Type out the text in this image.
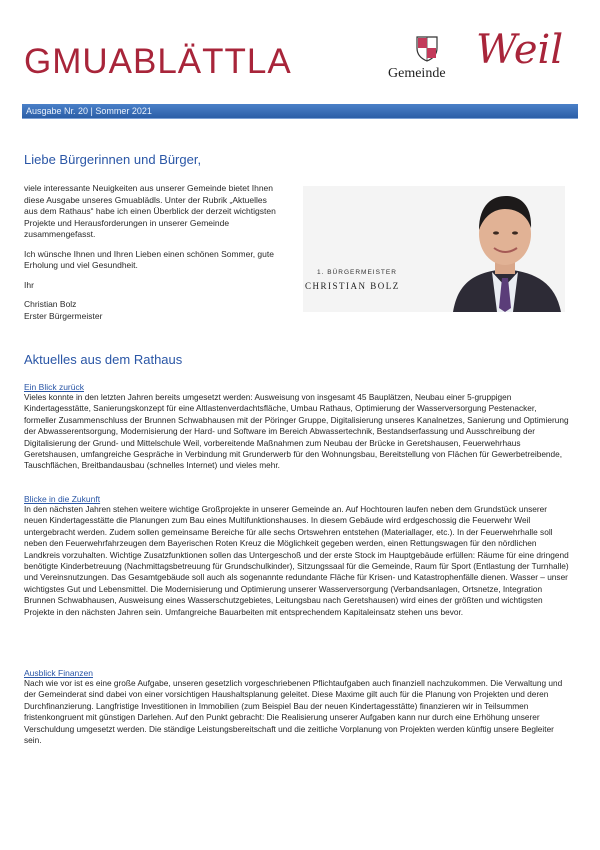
GMUABLÄTTLA	Gemeinde
Weil
Ausgabe Nr. 20 | Sommer 2021
Liebe Bürgerinnen und Bürger,

viele interessante Neuigkeiten aus unserer Gemeinde bietet Ihnen diese Ausgabe unseres Gmuablädls. Unter der Rubrik „Aktuelles aus dem Rathaus“ habe ich einen Überblick der derzeit wichtigsten Projekte und Herausforderungen in unserer Gemeinde zusammengefasst.

Ich wünsche Ihnen und Ihren Lieben einen schönen Sommer, gute Erholung und viel Gesundheit.

Ihr

Christian Bolz

Erster Bürgermeister

1. BÜRGERMEISTER
CHRISTIAN BOLZ
Aktuelles aus dem Rathaus

Ein Blick zurück

Vieles konnte in den letzten Jahren bereits umgesetzt werden: Ausweisung von insgesamt 45 Bauplätzen, Neubau einer 5-gruppigen Kindertagesstätte, Sanierungskonzept für eine Altlastenverdachtsfläche, Umbau Rathaus, Optimierung der Wasserversorgung Pestenacker, formeller Zusammenschluss der Brunnen Schwabhausen mit der Pöringer Gruppe, Digitalisierung unseres Kanalnetzes, Sanierung und Optimierung der Abwasserentsorgung, Modernisierung der Hard- und Software im Bereich Abwassertechnik, Bestandserfassung und Ausschreibung der Digitalisierung der Grund- und Mittelschule Weil, vorbereitende Maßnahmen zum Neubau der Brücke in Geretshausen, Feuerwehrhaus Geretshausen, umfangreiche Gespräche in Verbindung mit Grunderwerb für den Wohnungsbau, Bereitstellung von Flächen für Gewerbetreibende, Tauschflächen, Breitbandausbau (schnelles Internet) und vieles mehr.

Blicke in die Zukunft

In den nächsten Jahren stehen weitere wichtige Großprojekte in unserer Gemeinde an. Auf Hochtouren laufen neben dem Grundstück unserer neuen Kindertagesstätte die Planungen zum Bau eines Multifunktionshauses. In diesem Gebäude wird erdgeschossig die Feuerwehr Weil untergebracht werden. Zudem sollen gemeinsame Bereiche für alle sechs Ortswehren entstehen (Materiallager, etc.). In der Feuerwehrhalle soll neben den Feuerwehrfahrzeugen dem Bayerischen Roten Kreuz die Möglichkeit gegeben werden, einen Rettungswagen für den nördlichen Landkreis vorzuhalten. Wichtige Zusatzfunktionen sollen das Untergeschoß und der erste Stock im Hauptgebäude erfüllen: Räume für eine dringend benötigte Kinderbetreuung (Nachmittagsbetreuung für Grundschulkinder), Sitzungssaal für die Gemeinde, Raum für Sport (Entlastung der Turnhalle) und Vereinsnutzungen. Das Gesamtgebäude soll auch als sogenannte redundante Fläche für Krisen- und Katastrophenfälle dienen. Wasser – unser wichtigstes Gut und Lebensmittel. Die Modernisierung und Optimierung unserer Wasserversorgung (Verbandsanlagen, Ortsnetze, Integration Brunnen Schwabhausen, Ausweisung eines Wasserschutzgebietes, Leitungsbau nach Geretshausen) wird eines der größten und wichtigsten Projekte in den nächsten Jahren sein. Umfangreiche Bauarbeiten mit entsprechendem Kapitaleinsatz stehen uns bevor.

Ausblick Finanzen

Nach wie vor ist es eine große Aufgabe, unseren gesetzlich vorgeschriebenen Pflichtaufgaben auch finanziell nachzukommen. Die Verwaltung und der Gemeinderat sind dabei von einer vorsichtigen Haushaltsplanung geleitet. Diese Maxime gilt auch für die Planung von Projekten und deren Durchfinanzierung. Langfristige Investitionen in Immobilien (zum Beispiel Bau der neuen Kindertagesstätte) finanzieren wir in Teilsummen fristenkongruent mit günstigen Darlehen. Auf den Punkt gebracht: Die Realisierung unserer Aufgaben kann nur durch eine Erhöhung unserer Verschuldung umgesetzt werden. Die ständige Leistungsbereitschaft und die zeitliche Vorplanung von Projekten werden künftig unsere Begleiter sein.
